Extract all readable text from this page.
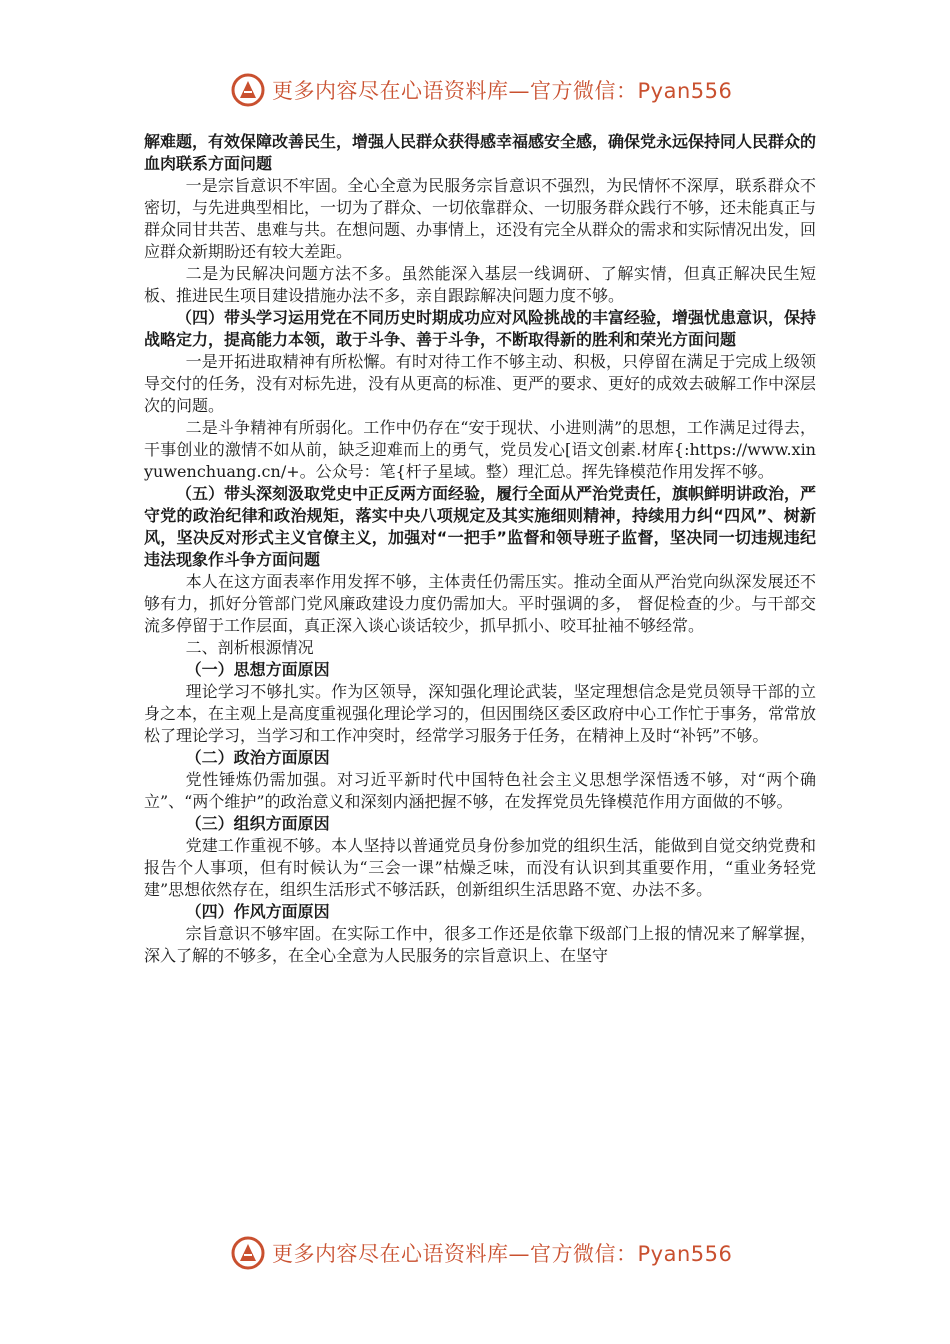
更多内容尽在心语资料库—官方微信：Pyan556

解难题，有效保障改善民生，增强人民群众获得感幸福感安全感，确保党永远保持同人民群众的血肉联系方面问题

一是宗旨意识不牢固。全心全意为民服务宗旨意识不强烈，为民情怀不深厚，联系群众不密切，与先进典型相比，一切为了群众、一切依靠群众、一切服务群众践行不够，还未能真正与群众同甘共苦、患难与共。在想问题、办事情上，还没有完全从群众的需求和实际情况出发，回应群众新期盼还有较大差距。

二是为民解决问题方法不多。虽然能深入基层一线调研、了解实情，但真正解决民生短板、推进民生项目建设措施办法不多，亲自跟踪解决问题力度不够。

（四）带头学习运用党在不同历史时期成功应对风险挑战的丰富经验，增强忧患意识，保持战略定力，提高能力本领，敢于斗争、善于斗争，不断取得新的胜利和荣光方面问题

一是开拓进取精神有所松懈。有时对待工作不够主动、积极，只停留在满足于完成上级领导交付的任务，没有对标先进，没有从更高的标准、更严的要求、更好的成效去破解工作中深层次的问题。

二是斗争精神有所弱化。工作中仍存在“安于现状、小进则满”的思想，工作满足过得去，干事创业的激情不如从前，缺乏迎难而上的勇气，党员发心[语文创素.材库{:https://www.xinyuwenchuang.cn/+。公众号：笔{杆子星域。整）理汇总。挥先锋模范作用发挥不够。

（五）带头深刻汲取党史中正反两方面经验，履行全面从严治党责任，旗帜鲜明讲政治，严守党的政治纪律和政治规矩，落实中央八项规定及其实施细则精神，持续用力纠“四风”、树新风，坚决反对形式主义官僚主义，加强对“一把手”监督和领导班子监督，坚决同一切违规违纪违法现象作斗争方面问题

本人在这方面表率作用发挥不够，主体责任仍需压实。推动全面从严治党向纵深发展还不够有力，抓好分管部门党风廉政建设力度仍需加大。平时强调的多， 督促检查的少。与干部交流多停留于工作层面，真正深入谈心谈话较少，抓早抓小、咬耳扯袖不够经常。

二、剖析根源情况

（一）思想方面原因

理论学习不够扎实。作为区领导，深知强化理论武装，坚定理想信念是党员领导干部的立身之本，在主观上是高度重视强化理论学习的，但因围绕区委区政府中心工作忙于事务，常常放松了理论学习，当学习和工作冲突时，经常学习服务于任务，在精神上及时“补钙”不够。

（二）政治方面原因

党性锤炼仍需加强。对习近平新时代中国特色社会主义思想学深悟透不够，对“两个确立”、“两个维护”的政治意义和深刻内涵把握不够，在发挥党员先锋模范作用方面做的不够。

（三）组织方面原因

党建工作重视不够。本人坚持以普通党员身份参加党的组织生活，能做到自觉交纳党费和报告个人事项，但有时候认为“三会一课”枯燥乏味，而没有认识到其重要作用，“重业务轻党建”思想依然存在，组织生活形式不够活跃，创新组织生活思路不宽、办法不多。

（四）作风方面原因

宗旨意识不够牢固。在实际工作中，很多工作还是依靠下级部门上报的情况来了解掌握，深入了解的不够多，在全心全意为人民服务的宗旨意识上、在坚守

更多内容尽在心语资料库—官方微信：Pyan556
